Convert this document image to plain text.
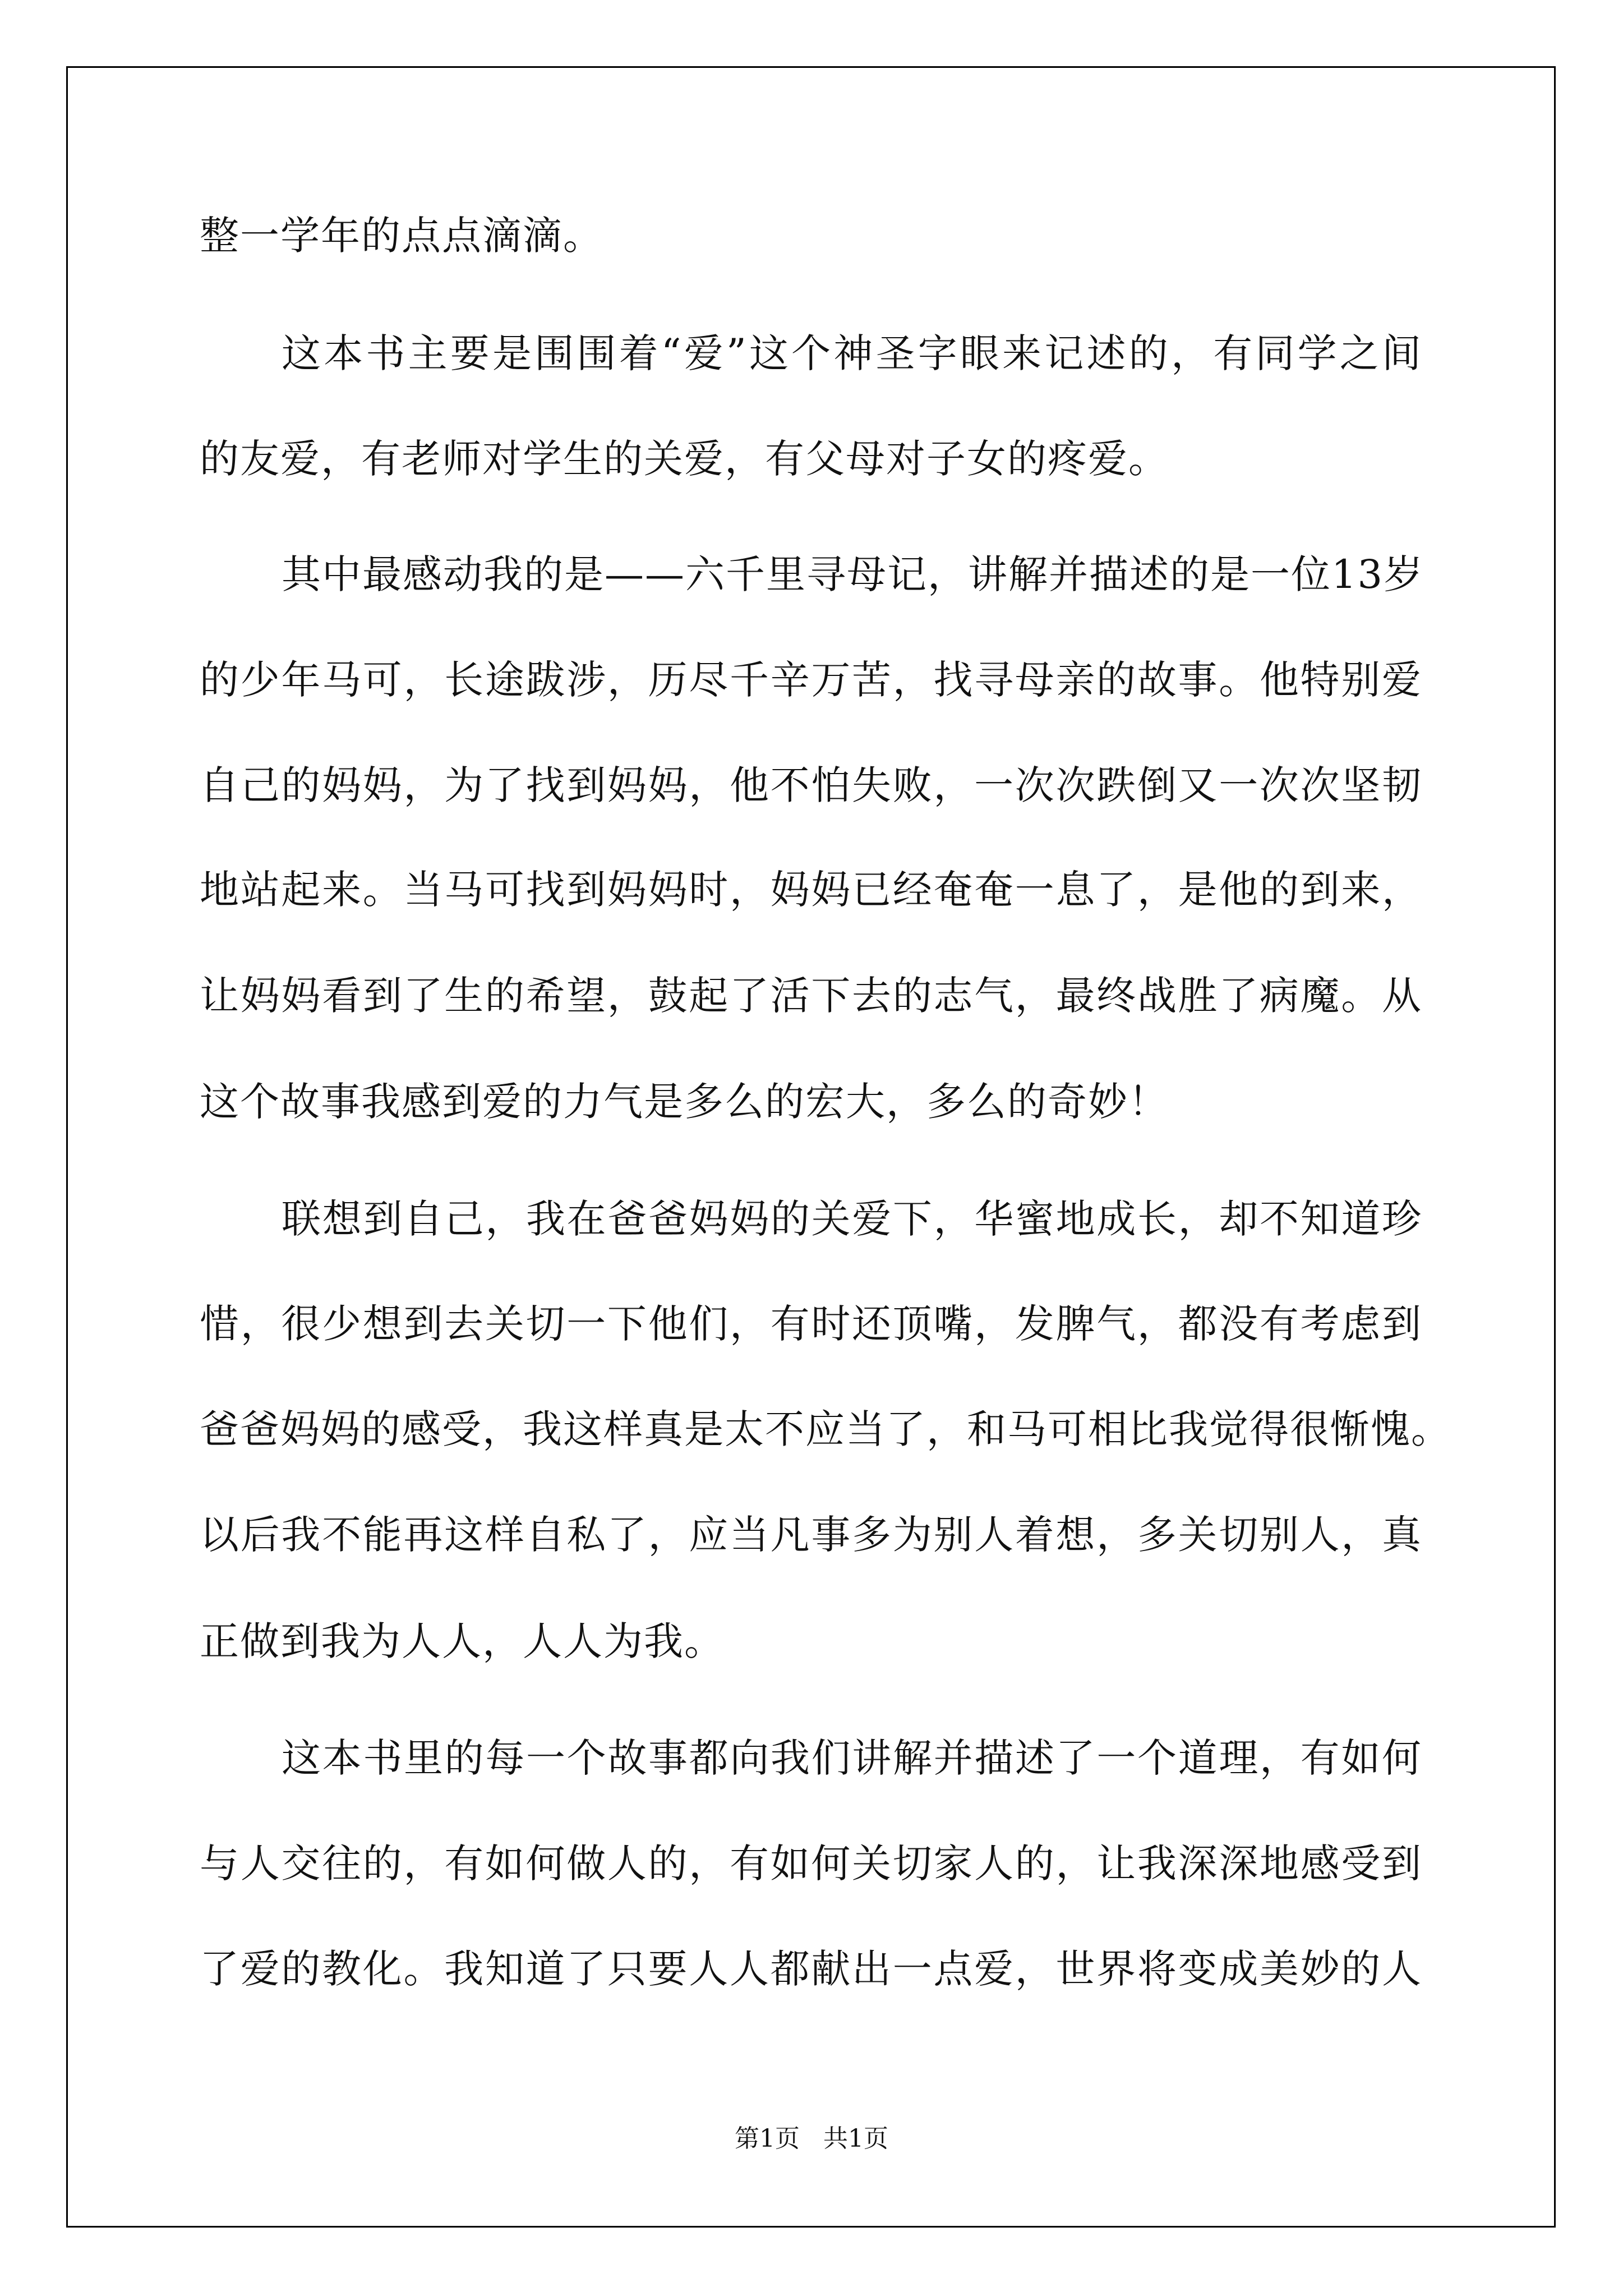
整一学年的点点滴滴。

这本书主要是围围着“爱”这个神圣字眼来记述的，有同学之间

的友爱，有老师对学生的关爱，有父母对子女的疼爱。

其中最感动我的是——六千里寻母记，讲解并描述的是一位13岁

的少年马可，长途跋涉，历尽千辛万苦，找寻母亲的故事。他特别爱

自己的妈妈，为了找到妈妈，他不怕失败，一次次跌倒又一次次坚韧

地站起来。当马可找到妈妈时，妈妈已经奄奄一息了，是他的到来，

让妈妈看到了生的希望，鼓起了活下去的志气，最终战胜了病魔。从

这个故事我感到爱的力气是多么的宏大，多么的奇妙！

联想到自己，我在爸爸妈妈的关爱下，华蜜地成长，却不知道珍

惜，很少想到去关切一下他们，有时还顶嘴，发脾气，都没有考虑到

爸爸妈妈的感受，我这样真是太不应当了，和马可相比我觉得很惭愧。

以后我不能再这样自私了，应当凡事多为别人着想，多关切别人，真

正做到我为人人，人人为我。

这本书里的每一个故事都向我们讲解并描述了一个道理，有如何

与人交往的，有如何做人的，有如何关切家人的，让我深深地感受到

了爱的教化。我知道了只要人人都献出一点爱，世界将变成美妙的人

第1页   共1页
